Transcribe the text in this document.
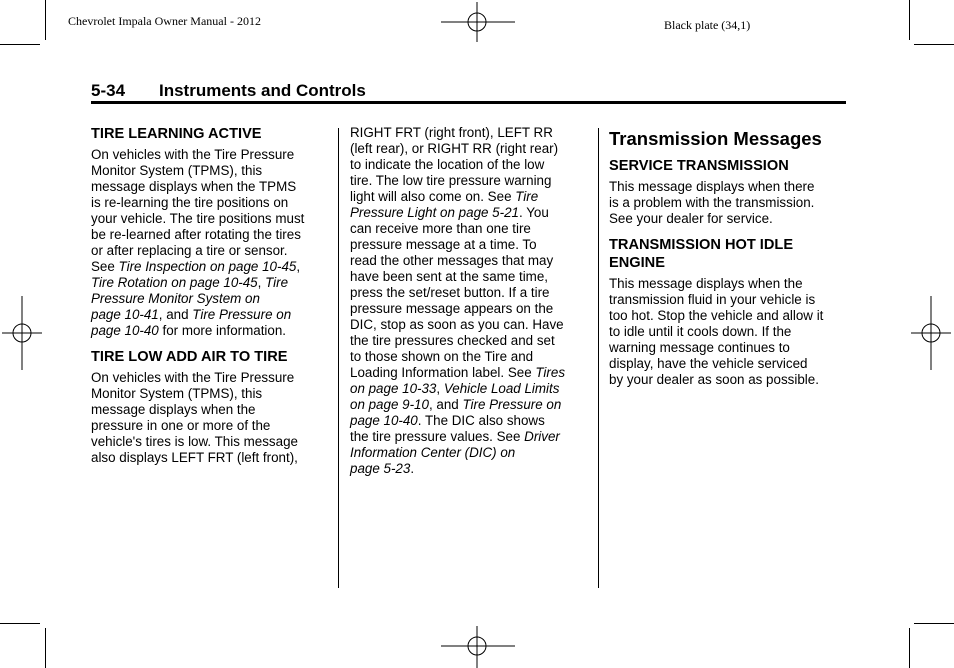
Chevrolet Impala Owner Manual - 2012	Black plate (34,1)
5-34 Instruments and Controls
TIRE LEARNING ACTIVE
On vehicles with the Tire Pressure
Monitor System (TPMS), this
message displays when the TPMS
is re-learning the tire positions on
your vehicle. The tire positions must
be re-learned after rotating the tires
or after replacing a tire or sensor.
See Tire Inspection on page 10-45,
Tire Rotation on page 10-45, Tire
Pressure Monitor System on
page 10-41, and Tire Pressure on
page 10-40 for more information.
TIRE LOW ADD AIR TO TIRE
On vehicles with the Tire Pressure
Monitor System (TPMS), this
message displays when the
pressure in one or more of the
vehicle's tires is low. This message
also displays LEFT FRT (left front),
RIGHT FRT (right front), LEFT RR
(left rear), or RIGHT RR (right rear)
to indicate the location of the low
tire. The low tire pressure warning
light will also come on. See Tire
Pressure Light on page 5-21. You
can receive more than one tire
pressure message at a time. To
read the other messages that may
have been sent at the same time,
press the set/reset button. If a tire
pressure message appears on the
DIC, stop as soon as you can. Have
the tire pressures checked and set
to those shown on the Tire and
Loading Information label. See Tires
on page 10-33, Vehicle Load Limits
on page 9-10, and Tire Pressure on
page 10-40. The DIC also shows
the tire pressure values. See Driver
Information Center (DIC) on
page 5-23.
Transmission Messages
SERVICE TRANSMISSION
This message displays when there
is a problem with the transmission.
See your dealer for service.
TRANSMISSION HOT IDLE
ENGINE
This message displays when the
transmission fluid in your vehicle is
too hot. Stop the vehicle and allow it
to idle until it cools down. If the
warning message continues to
display, have the vehicle serviced
by your dealer as soon as possible.
